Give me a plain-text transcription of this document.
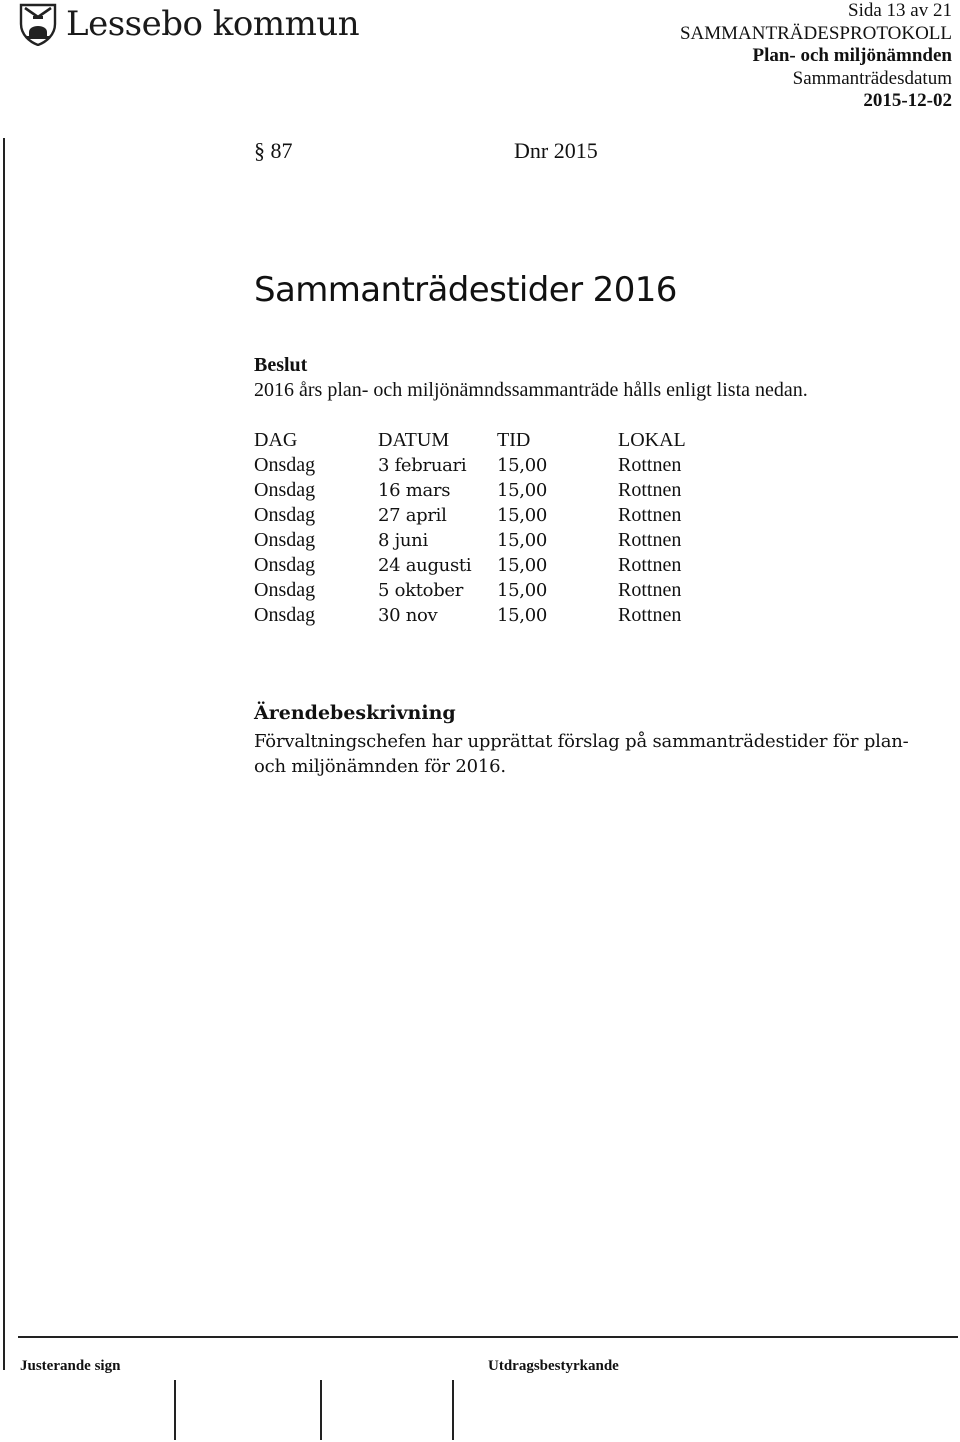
Lessebo kommun	Sida 13 av 21
SAMMANTRÄDESPROTOKOLL
Plan- och miljönämnden
Sammanträdesdatum
2015-12-02
§ 87	Dnr 2015
Sammanträdestider 2016
Beslut
2016 års plan- och miljönämndssammanträde hålls enligt lista nedan.
DAG	DATUM	TID	LOKAL
Onsdag	3 februari	15,00	Rottnen
Onsdag	16 mars	15,00	Rottnen
Onsdag	27 april	15,00	Rottnen
Onsdag	8 juni	15,00	Rottnen
Onsdag	24 augusti	15,00	Rottnen
Onsdag	5 oktober	15,00	Rottnen
Onsdag	30 nov	15,00	Rottnen
Ärendebeskrivning
Förvaltningschefen har upprättat förslag på sammanträdestider för plan- och miljönämnden för 2016.
Justerande sign	Utdragsbestyrkande
